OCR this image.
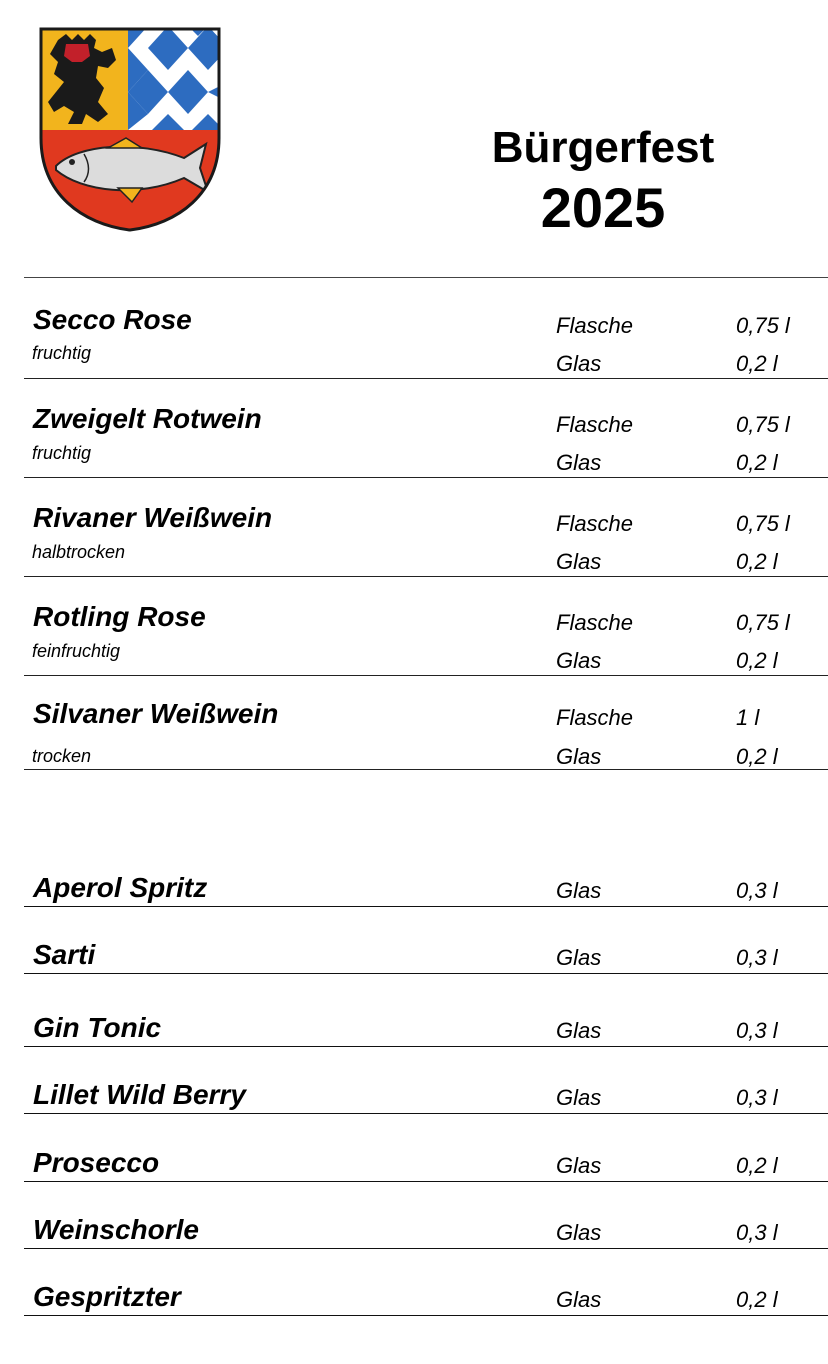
Bürgerfest
2025
Secco Rose
fruchtig
Flasche	0,75 l
Glas	0,2 l
Zweigelt Rotwein
fruchtig
Flasche	0,75 l
Glas	0,2 l
Rivaner Weißwein
halbtrocken
Flasche	0,75 l
Glas	0,2 l
Rotling Rose
feinfruchtig
Flasche	0,75 l
Glas	0,2 l
Silvaner Weißwein
trocken
Flasche	1 l
Glas	0,2 l
Aperol Spritz	Glas	0,3 l
Sarti	Glas	0,3 l
Gin Tonic	Glas	0,3 l
Lillet Wild Berry	Glas	0,3 l
Prosecco	Glas	0,2 l
Weinschorle	Glas	0,3 l
Gespritzter	Glas	0,2 l
